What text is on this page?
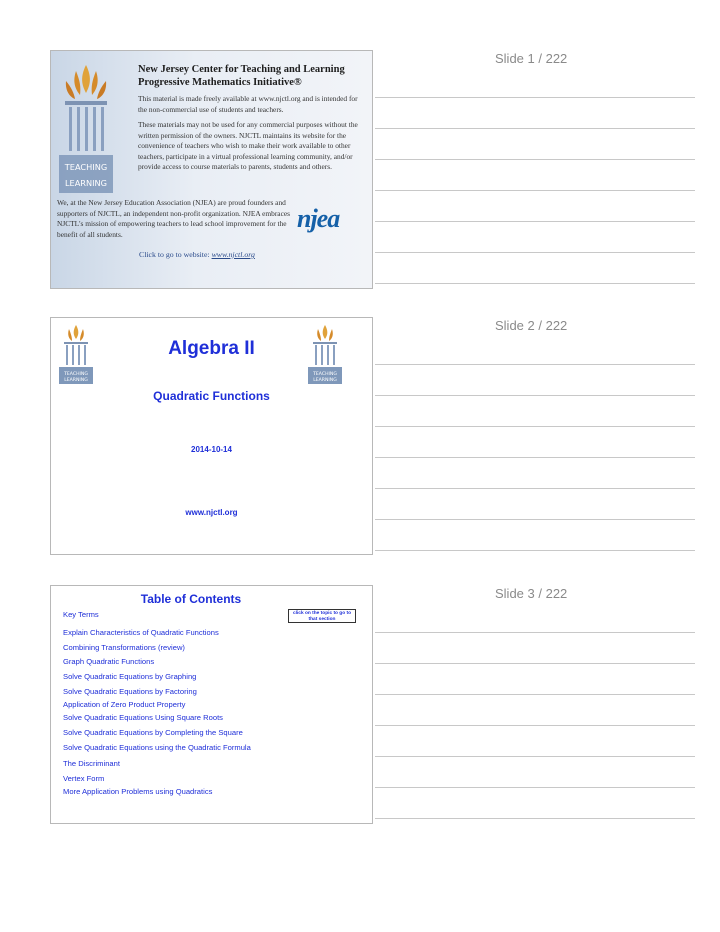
Slide 1 / 222
TEACHING
LEARNING
New Jersey Center for Teaching and Learning
Progressive Mathematics Initiative®
This material is made freely available at www.njctl.org and is intended for the non-commercial use of students and teachers.
These materials may not be used for any commercial purposes without the written permission of the owners. NJCTL maintains its website for the convenience of teachers who wish to make their work available to other teachers, participate in a virtual professional learning community, and/or provide access to course materials to parents, students and others.
We, at the New Jersey Education Association (NJEA) are proud founders and supporters of NJCTL, an independent non-profit organization. NJEA embraces NJCTL's mission of empowering teachers to lead school improvement for the benefit of all students.
njea
Click to go to website: www.njctl.org
Slide 2 / 222
TEACHING
LEARNING
TEACHING
LEARNING
Algebra II
Quadratic Functions
2014-10-14
www.njctl.org
Slide 3 / 222
Table of Contents
click on the topic to go to that section
Key Terms
Explain Characteristics of Quadratic Functions
Combining Transformations (review)
Graph Quadratic Functions
Solve Quadratic Equations by Graphing
Solve Quadratic Equations by Factoring
Application of Zero Product Property
Solve Quadratic Equations Using Square Roots
Solve Quadratic Equations by Completing the Square
Solve Quadratic Equations using the Quadratic Formula
The Discriminant
Vertex Form
More Application Problems using Quadratics
